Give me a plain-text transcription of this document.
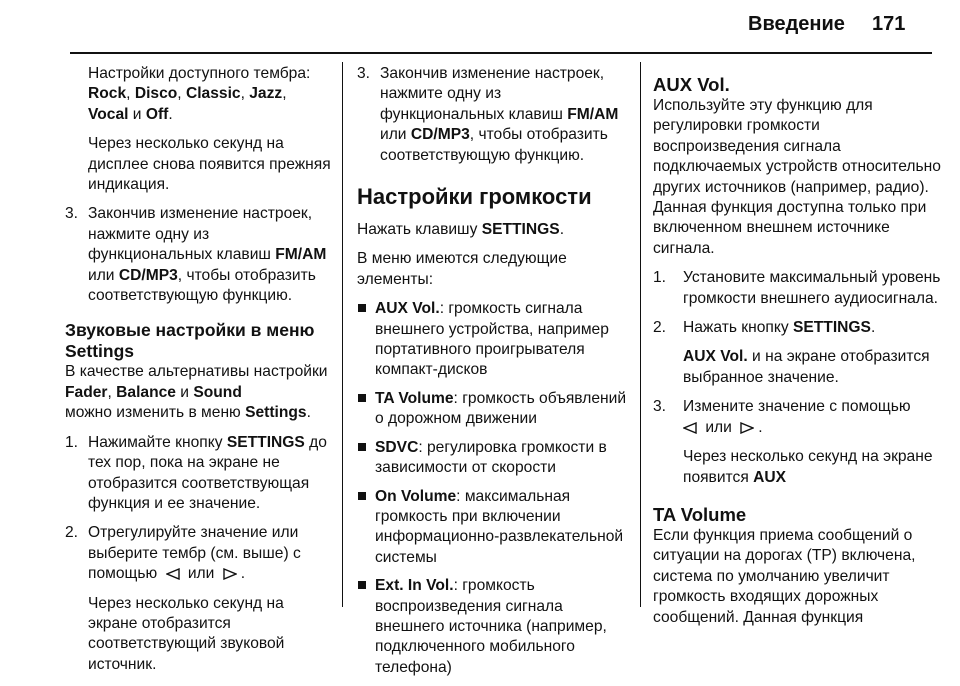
Введение 171

Настройки доступного тембра:
Rock, Disco, Classic, Jazz,
Vocal и Off.

Через несколько секунд на дисплее снова появится прежняя индикация.

3. Закончив изменение настроек, нажмите одну из функциональных клавиш FM/AM или CD/MP3, чтобы отобразить соответствующую функцию.
Звуковые настройки в меню Settings

В качестве альтернативы настройки Fader, Balance и Sound
можно изменить в меню Settings.

1. Нажимайте кнопку SETTINGS до тех пор, пока на экране не отобразится соответствующая функция и ее значение.
2. Отрегулируйте значение или выберите тембр (см. выше) с помощью  или .

Через несколько секунд на экране отобразится соответствующий звуковой источник.

3. Закончив изменение настроек, нажмите одну из функциональных клавиш FM/AM или CD/MP3, чтобы отобразить соответствующую функцию.
Настройки громкости

Нажать клавишу SETTINGS.

В меню имеются следующие элементы:

AUX Vol.: громкость сигнала внешнего устройства, например портативного проигрывателя компакт-дисков
TA Volume: громкость объявлений о дорожном движении
SDVC: регулировка громкости в зависимости от скорости
On Volume: максимальная громкость при включении информационно-развлекательной системы
Ext. In Vol.: громкость воспроизведения сигнала внешнего источника (например, подключенного мобильного телефона)
AUX Vol.

Используйте эту функцию для регулировки громкости воспроизведения сигнала подключаемых устройств относительно других источников (например, радио). Данная функция доступна только при включенном внешнем источнике сигнала.

1. Установите максимальный уровень громкости внешнего аудиосигнала.
2. Нажать кнопку SETTINGS.

AUX Vol. и на экране отобразится выбранное значение.

3. Измените значение с помощью
или .

Через несколько секунд на экране появится AUX

TA Volume

Если функция приема сообщений о ситуации на дорогах (TP) включена, система по умолчанию увеличит громкость входящих дорожных сообщений. Данная функция
